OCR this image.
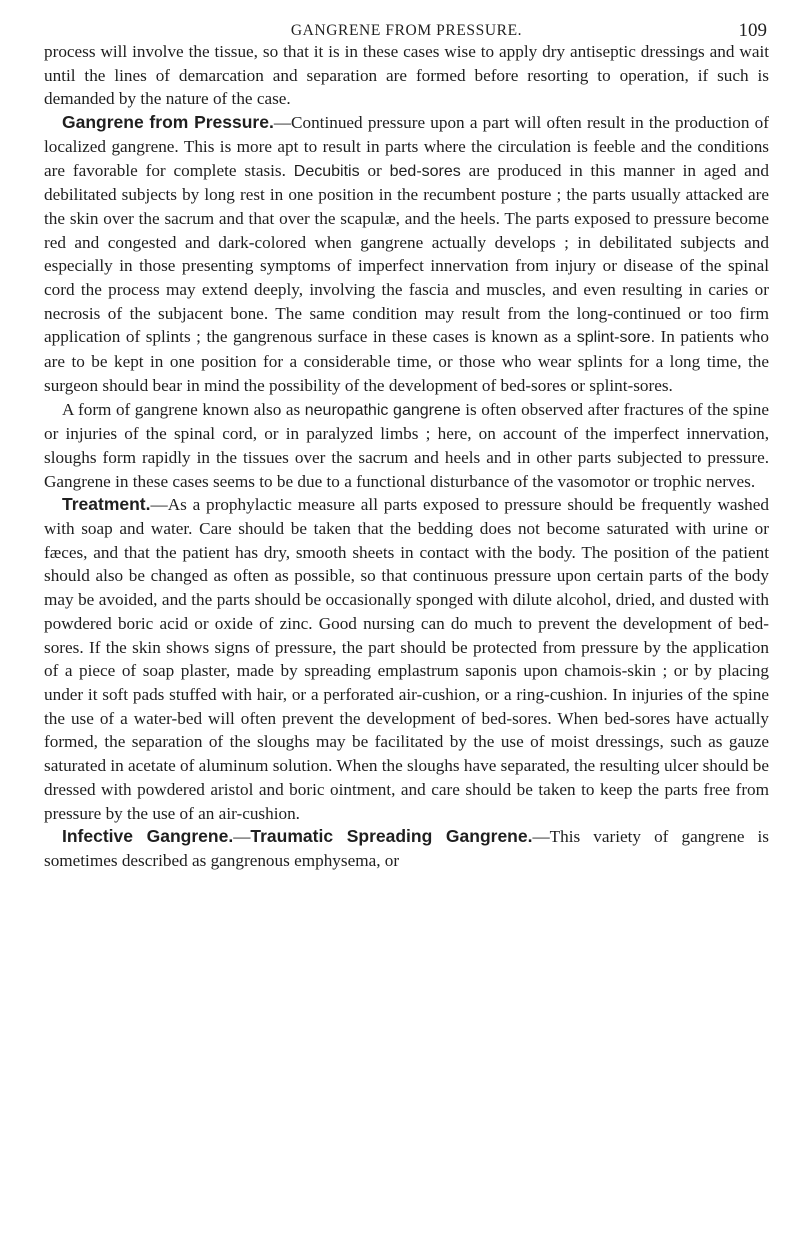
GANGRENE FROM PRESSURE.	109

process will involve the tissue, so that it is in these cases wise to apply dry antiseptic dressings and wait until the lines of demarcation and separation are formed before resorting to operation, if such is demanded by the nature of the case.

Gangrene from Pressure.—Continued pressure upon a part will often result in the production of localized gangrene. This is more apt to result in parts where the circulation is feeble and the conditions are favorable for complete stasis. Decubitis or bed-sores are produced in this manner in aged and debilitated subjects by long rest in one position in the recumbent posture ; the parts usually attacked are the skin over the sacrum and that over the scapulæ, and the heels. The parts exposed to pressure become red and congested and dark-colored when gangrene actually develops ; in debilitated subjects and especially in those presenting symptoms of imperfect innervation from injury or disease of the spinal cord the process may extend deeply, involving the fascia and muscles, and even resulting in caries or necrosis of the subjacent bone. The same condition may result from the long-continued or too firm application of splints ; the gangrenous surface in these cases is known as a splint-sore. In patients who are to be kept in one position for a considerable time, or those who wear splints for a long time, the surgeon should bear in mind the possibility of the development of bed-sores or splint-sores.

A form of gangrene known also as neuropathic gangrene is often observed after fractures of the spine or injuries of the spinal cord, or in paralyzed limbs ; here, on account of the imperfect innervation, sloughs form rapidly in the tissues over the sacrum and heels and in other parts subjected to pressure. Gangrene in these cases seems to be due to a functional disturbance of the vasomotor or trophic nerves.

Treatment.—As a prophylactic measure all parts exposed to pressure should be frequently washed with soap and water. Care should be taken that the bedding does not become saturated with urine or fæces, and that the patient has dry, smooth sheets in contact with the body. The position of the patient should also be changed as often as possible, so that continuous pressure upon certain parts of the body may be avoided, and the parts should be occasionally sponged with dilute alcohol, dried, and dusted with powdered boric acid or oxide of zinc. Good nursing can do much to prevent the development of bed-sores. If the skin shows signs of pressure, the part should be protected from pressure by the application of a piece of soap plaster, made by spreading emplastrum saponis upon chamois-skin ; or by placing under it soft pads stuffed with hair, or a perforated air-cushion, or a ring-cushion. In injuries of the spine the use of a water-bed will often prevent the development of bed-sores. When bed-sores have actually formed, the separation of the sloughs may be facilitated by the use of moist dressings, such as gauze saturated in acetate of aluminum solution. When the sloughs have separated, the resulting ulcer should be dressed with powdered aristol and boric ointment, and care should be taken to keep the parts free from pressure by the use of an air-cushion.

Infective Gangrene.—Traumatic Spreading Gangrene.—This variety of gangrene is sometimes described as gangrenous emphysema, or
